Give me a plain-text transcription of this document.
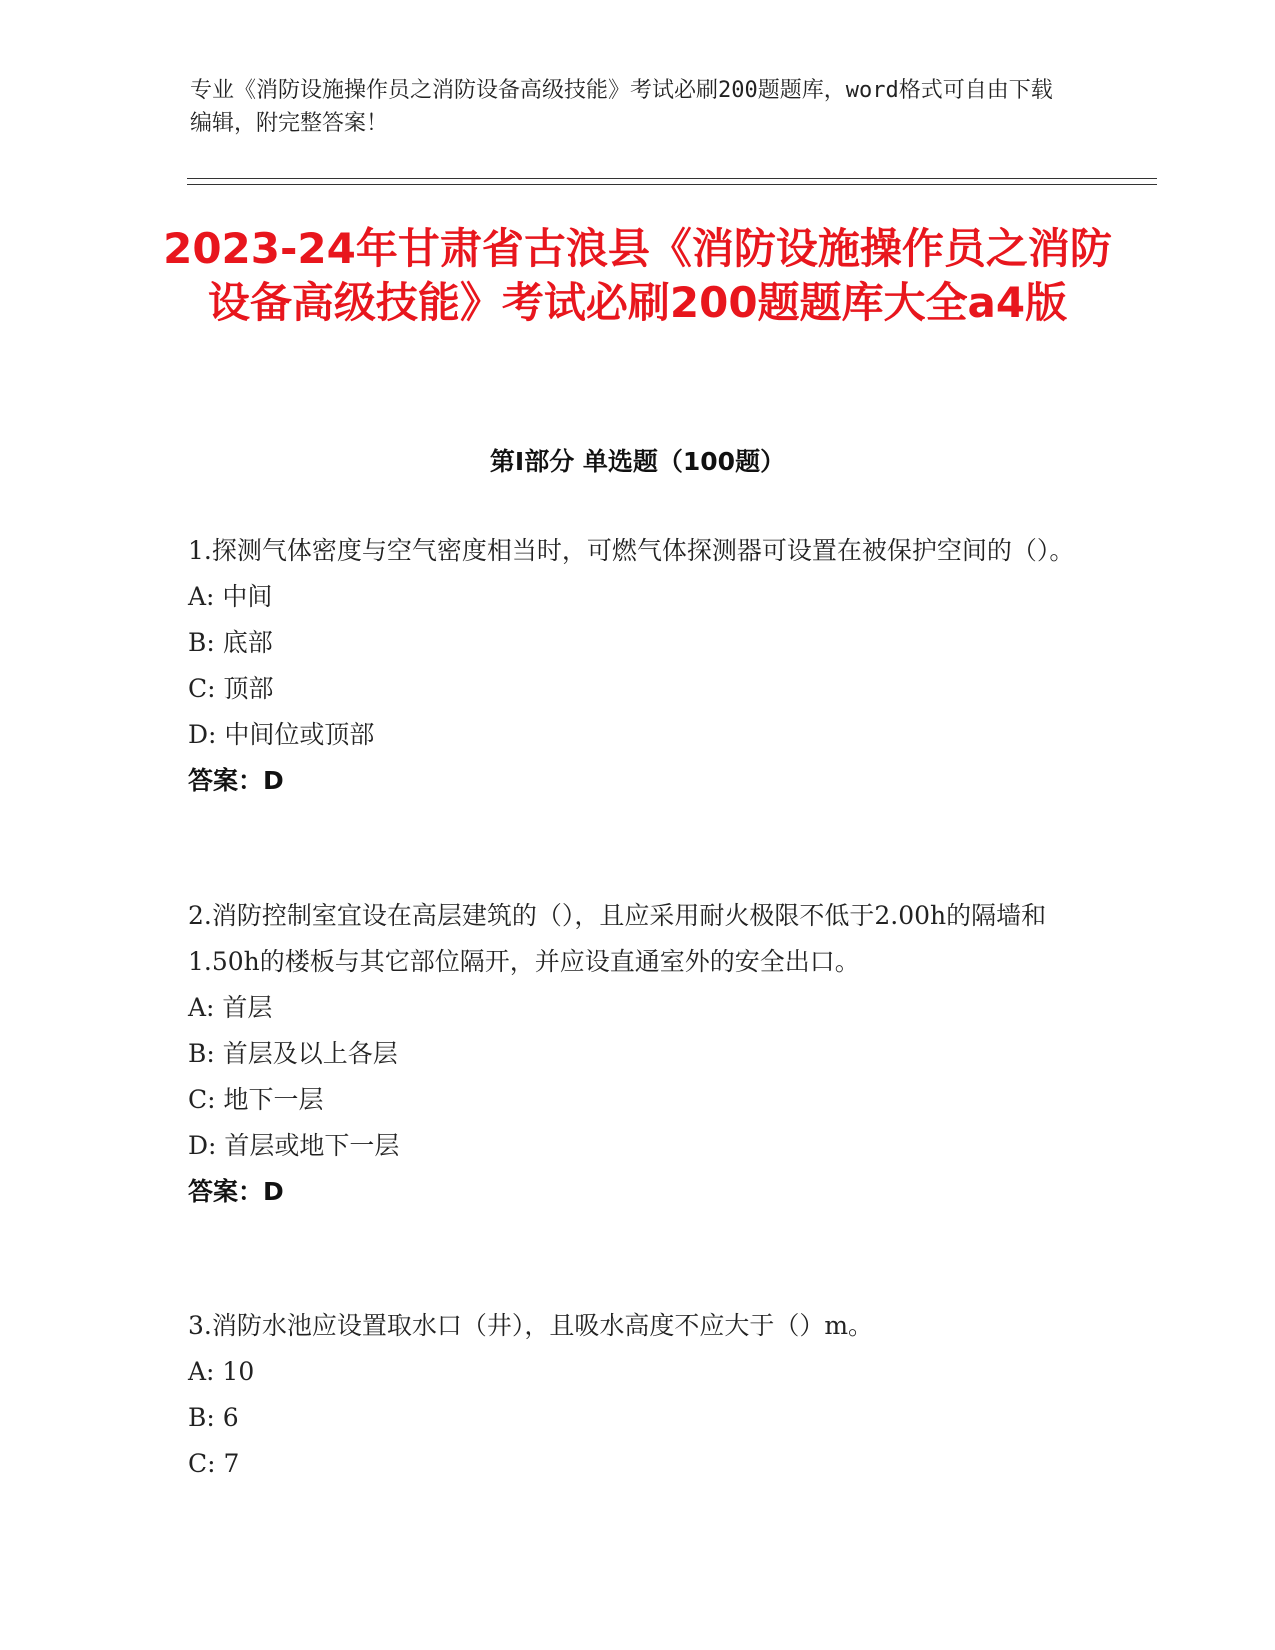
专业《消防设施操作员之消防设备高级技能》考试必刷200题题库，word格式可自由下载编辑，附完整答案！
2023-24年甘肃省古浪县《消防设施操作员之消防设备高级技能》考试必刷200题题库大全a4版
第I部分 单选题（100题）
1.探测气体密度与空气密度相当时，可燃气体探测器可设置在被保护空间的（）。
A: 中间
B: 底部
C: 顶部
D: 中间位或顶部
答案：D
2.消防控制室宜设在高层建筑的（），且应采用耐火极限不低于2.00h的隔墙和1.50h的楼板与其它部位隔开，并应设直通室外的安全出口。
A: 首层
B: 首层及以上各层
C: 地下一层
D: 首层或地下一层
答案：D
3.消防水池应设置取水口（井），且吸水高度不应大于（）m。
A: 10
B: 6
C: 7
